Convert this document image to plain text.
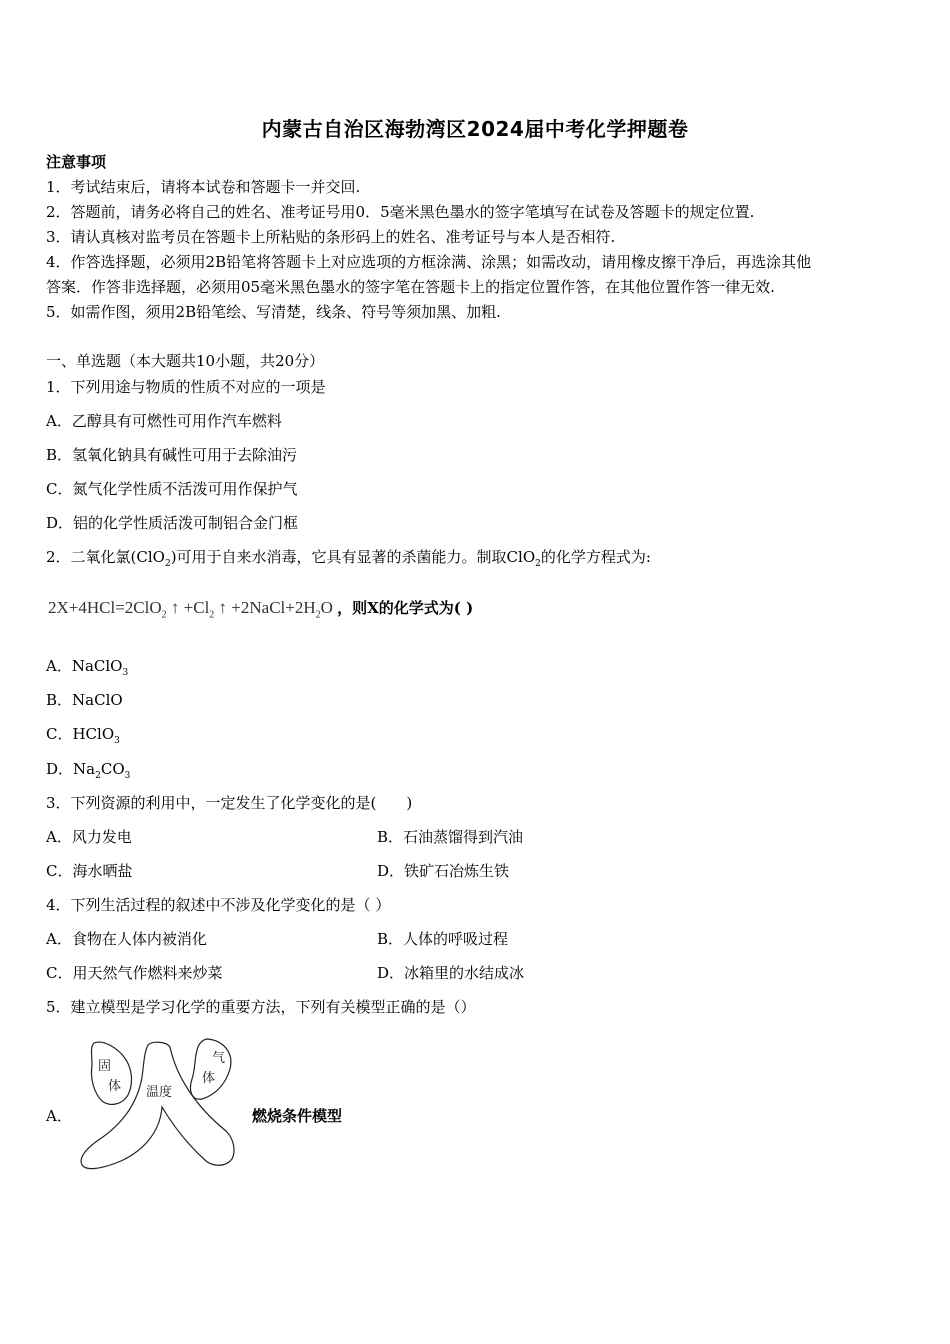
内蒙古自治区海勃湾区2024届中考化学押题卷
注意事项
1．考试结束后，请将本试卷和答题卡一并交回.
2．答题前，请务必将自己的姓名、准考证号用0．5毫米黑色墨水的签字笔填写在试卷及答题卡的规定位置.
3．请认真核对监考员在答题卡上所粘贴的条形码上的姓名、准考证号与本人是否相符.
4．作答选择题，必须用2B铅笔将答题卡上对应选项的方框涂满、涂黑；如需改动，请用橡皮擦干净后，再选涂其他
答案．作答非选择题，必须用05毫米黑色墨水的签字笔在答题卡上的指定位置作答，在其他位置作答一律无效.
5．如需作图，须用2B铅笔绘、写清楚，线条、符号等须加黑、加粗.
一、单选题（本大题共10小题，共20分）
1．下列用途与物质的性质不对应的一项是
A．乙醇具有可燃性可用作汽车燃料
B．氢氧化钠具有碱性可用于去除油污
C．氮气化学性质不活泼可用作保护气
D．铝的化学性质活泼可制铝合金门框
2．二氧化氯(ClO$_2$)可用于自来水消毒，它具有显著的杀菌能力。制取ClO$_2$的化学方程式为:
2X+4HCl=2ClO$_2$ ↑ $+Cl_2$ ↑ $+2NaCl+2H_2O$ ，则X的化学式为( )
A．NaClO$_3$
B．NaClO
C．HClO$_3$
D．$Na_2CO_3$
3．下列资源的利用中，一定发生了化学变化的是(　　)
A．风力发电	B．石油蒸馏得到汽油
C．海水晒盐	D．铁矿石冶炼生铁
4．下列生活过程的叙述中不涉及化学变化的是（ ）
A．食物在人体内被消化	B．人体的呼吸过程
C．用天然气作燃料来炒菜	D．冰箱里的水结成冰
5．建立模型是学习化学的重要方法，下列有关模型正确的是（）
A．
固
体 温度
气
体
燃烧条件模型
